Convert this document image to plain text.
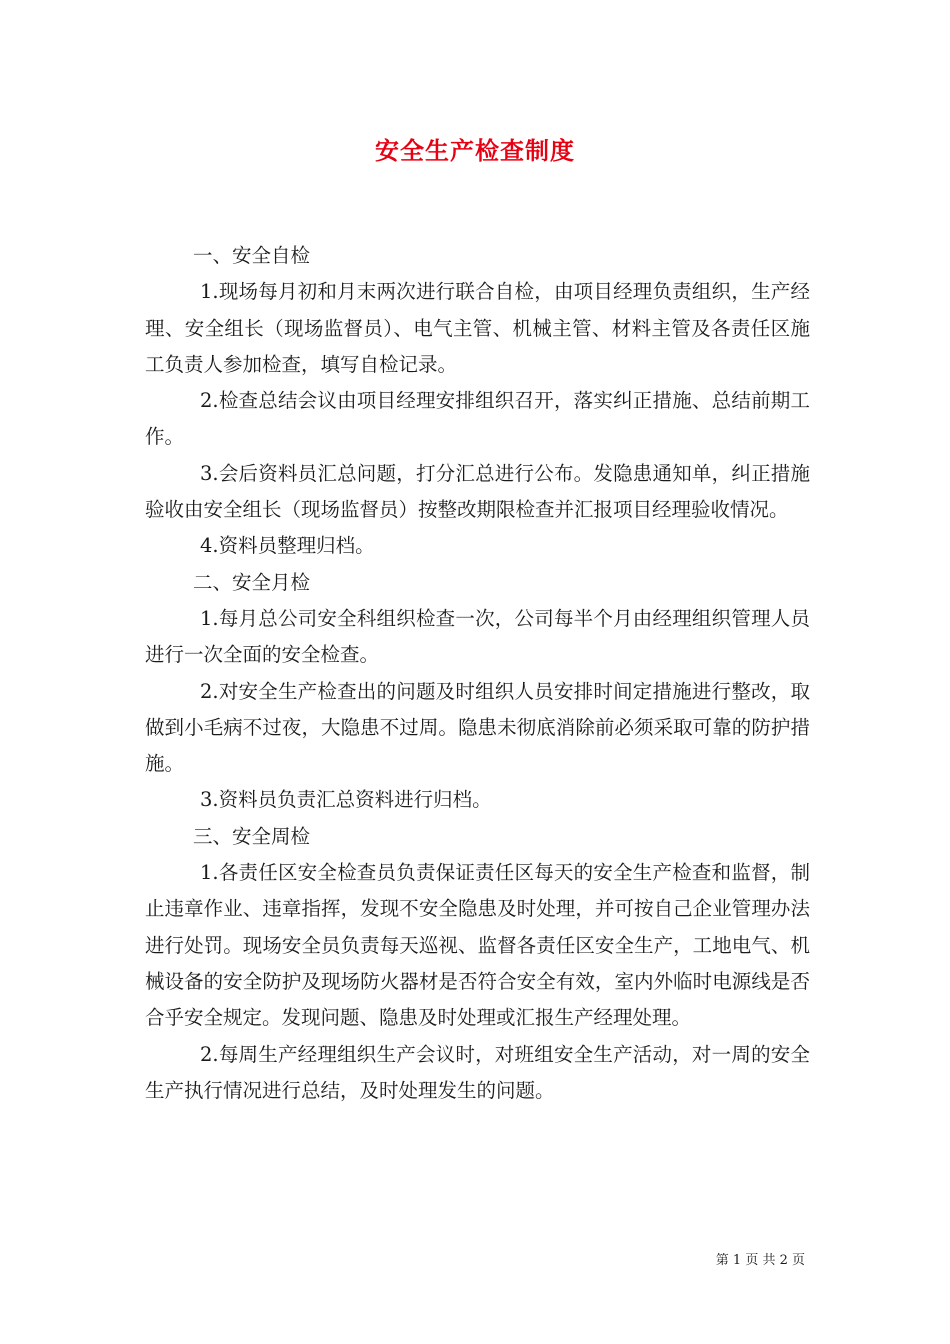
安全生产检查制度

一、安全自检

1.现场每月初和月末两次进行联合自检，由项目经理负责组织，生产经理、安全组长（现场监督员）、电气主管、机械主管、材料主管及各责任区施工负责人参加检查，填写自检记录。

2.检查总结会议由项目经理安排组织召开，落实纠正措施、总结前期工作。

3.会后资料员汇总问题，打分汇总进行公布。发隐患通知单，纠正措施验收由安全组长（现场监督员）按整改期限检查并汇报项目经理验收情况。

4.资料员整理归档。

二、安全月检

1.每月总公司安全科组织检查一次，公司每半个月由经理组织管理人员进行一次全面的安全检查。

2.对安全生产检查出的问题及时组织人员安排时间定措施进行整改，取做到小毛病不过夜，大隐患不过周。隐患未彻底消除前必须采取可靠的防护措施。

3.资料员负责汇总资料进行归档。

三、安全周检

1.各责任区安全检查员负责保证责任区每天的安全生产检查和监督，制止违章作业、违章指挥，发现不安全隐患及时处理，并可按自己企业管理办法进行处罚。现场安全员负责每天巡视、监督各责任区安全生产，工地电气、机械设备的安全防护及现场防火器材是否符合安全有效，室内外临时电源线是否合乎安全规定。发现问题、隐患及时处理或汇报生产经理处理。

2.每周生产经理组织生产会议时，对班组安全生产活动，对一周的安全生产执行情况进行总结，及时处理发生的问题。

第 1 页 共 2 页
